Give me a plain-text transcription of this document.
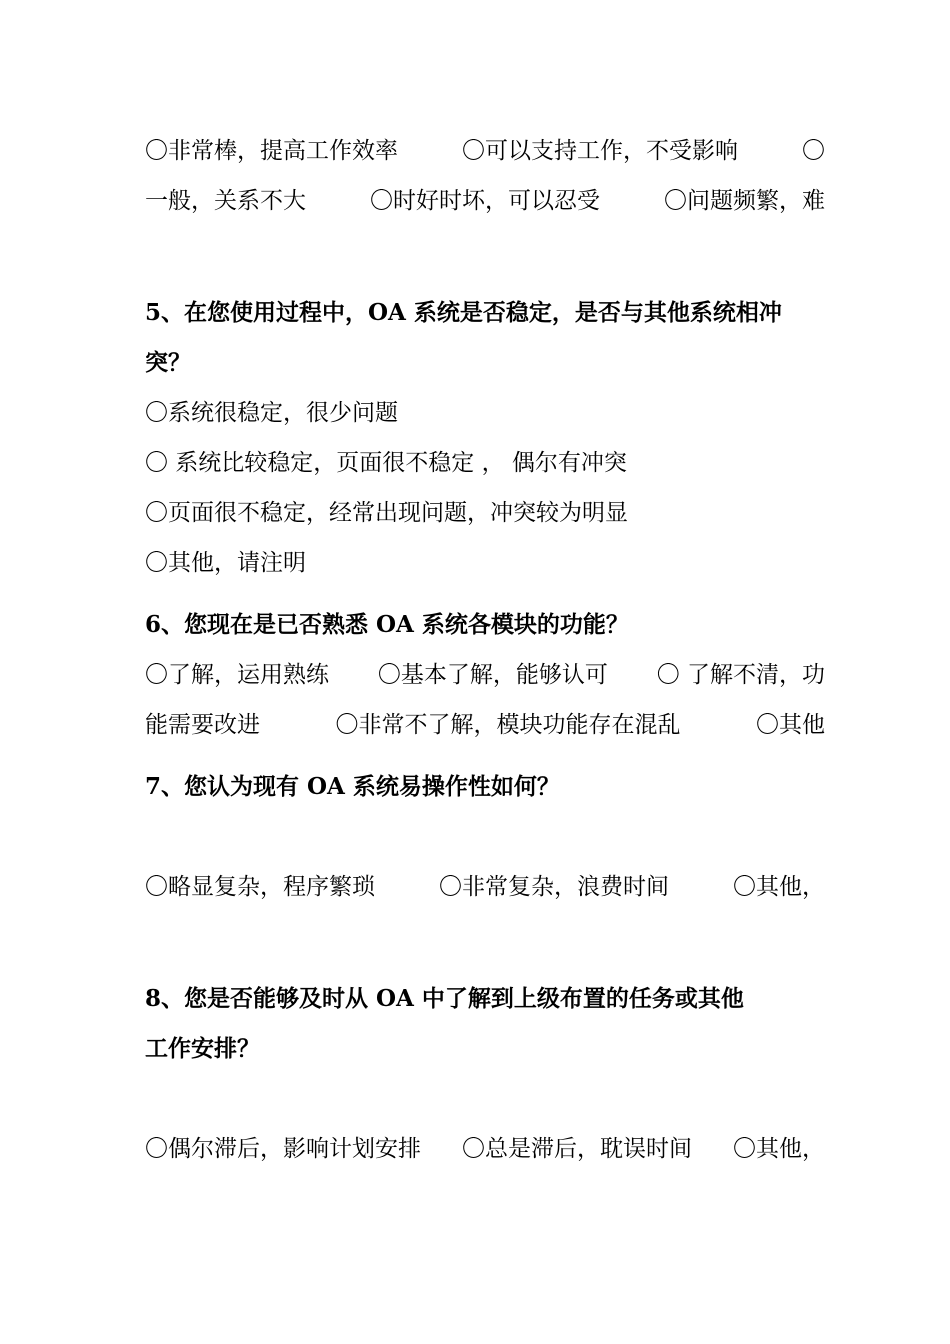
〇非常棒，提高工作效率	〇可以支持工作，不受影响	〇
一般，关系不大	〇时好时坏，可以忍受	〇问题频繁，难

5、在您使用过程中，OA 系统是否稳定，是否与其他系统相冲
突？
〇系统很稳定，很少问题
〇 系统比较稳定，页面很不稳定 ， 偶尔有冲突
〇页面很不稳定，经常出现问题，冲突较为明显
〇其他，请注明
6、您现在是已否熟悉 OA 系统各模块的功能？
〇了解，运用熟练 〇基本了解，能够认可 〇 了解不清，功
能需要改进	〇非常不了解，模块功能存在混乱	〇其他
7、您认为现有 OA 系统易操作性如何？

〇略显复杂，程序繁琐	〇非常复杂，浪费时间	〇其他，

8、您是否能够及时从 OA 中了解到上级布置的任务或其他
工作安排？

〇偶尔滞后，影响计划安排 〇总是滞后，耽误时间 〇其他，
